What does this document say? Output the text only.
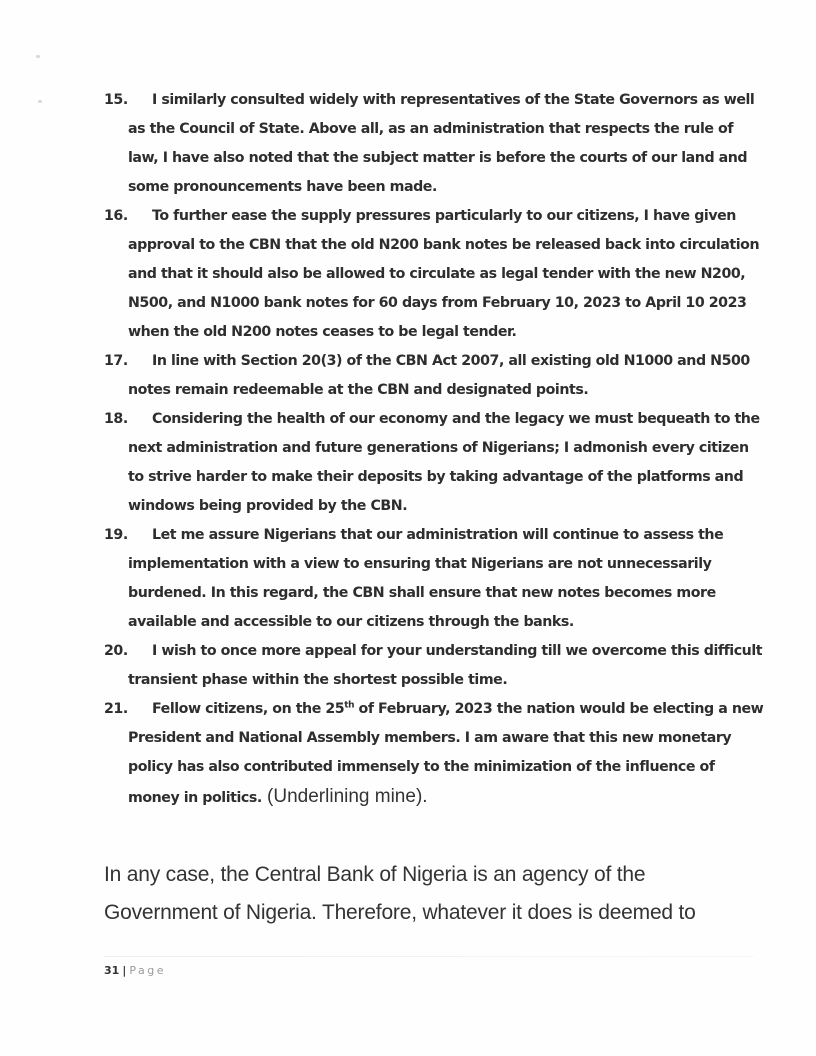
15.	I similarly consulted widely with representatives of the State Governors as well as the Council of State. Above all, as an administration that respects the rule of law, I have also noted that the subject matter is before the courts of our land and some pronouncements have been made.
16.	To further ease the supply pressures particularly to our citizens, I have given approval to the CBN that the old N200 bank notes be released back into circulation and that it should also be allowed to circulate as legal tender with the new N200, N500, and N1000 bank notes for 60 days from February 10, 2023 to April 10 2023 when the old N200 notes ceases to be legal tender.
17.	In line with Section 20(3) of the CBN Act 2007, all existing old N1000 and N500 notes remain redeemable at the CBN and designated points.
18.	Considering the health of our economy and the legacy we must bequeath to the next administration and future generations of Nigerians; I admonish every citizen to strive harder to make their deposits by taking advantage of the platforms and windows being provided by the CBN.
19.	Let me assure Nigerians that our administration will continue to assess the implementation with a view to ensuring that Nigerians are not unnecessarily burdened. In this regard, the CBN shall ensure that new notes becomes more available and accessible to our citizens through the banks.
20.	I wish to once more appeal for your understanding till we overcome this difficult transient phase within the shortest possible time.
21.	Fellow citizens, on the 25th of February, 2023 the nation would be electing a new President and National Assembly members. I am aware that this new monetary policy has also contributed immensely to the minimization of the influence of money in politics. (Underlining mine).

In any case, the Central Bank of Nigeria is an agency of the Government of Nigeria. Therefore, whatever it does is deemed to

31 | Page
